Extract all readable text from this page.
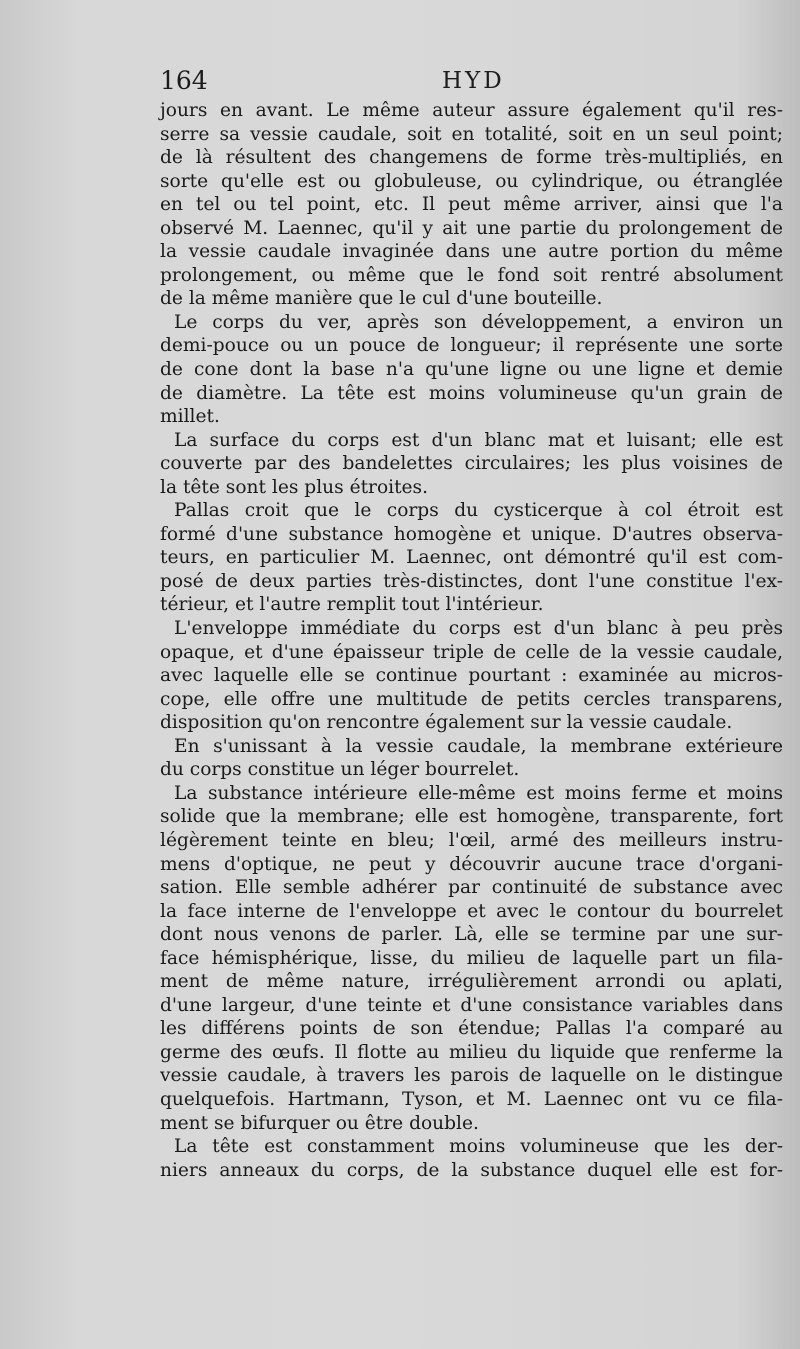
164	HYD
jours en avant. Le même auteur assure également qu'il res-
serre sa vessie caudale, soit en totalité, soit en un seul point;
de là résultent des changemens de forme très-multipliés, en
sorte qu'elle est ou globuleuse, ou cylindrique, ou étranglée
en tel ou tel point, etc. Il peut même arriver, ainsi que l'a
observé M. Laennec, qu'il y ait une partie du prolongement de
la vessie caudale invaginée dans une autre portion du même
prolongement, ou même que le fond soit rentré absolument
de la même manière que le cul d'une bouteille.
Le corps du ver, après son développement, a environ un
demi-pouce ou un pouce de longueur; il représente une sorte
de cone dont la base n'a qu'une ligne ou une ligne et demie
de diamètre. La tête est moins volumineuse qu'un grain de
millet.
La surface du corps est d'un blanc mat et luisant; elle est
couverte par des bandelettes circulaires; les plus voisines de
la tête sont les plus étroites.
Pallas croit que le corps du cysticerque à col étroit est
formé d'une substance homogène et unique. D'autres observa-
teurs, en particulier M. Laennec, ont démontré qu'il est com-
posé de deux parties très-distinctes, dont l'une constitue l'ex-
térieur, et l'autre remplit tout l'intérieur.
L'enveloppe immédiate du corps est d'un blanc à peu près
opaque, et d'une épaisseur triple de celle de la vessie caudale,
avec laquelle elle se continue pourtant : examinée au micros-
cope, elle offre une multitude de petits cercles transparens,
disposition qu'on rencontre également sur la vessie caudale.
En s'unissant à la vessie caudale, la membrane extérieure
du corps constitue un léger bourrelet.
La substance intérieure elle-même est moins ferme et moins
solide que la membrane; elle est homogène, transparente, fort
légèrement teinte en bleu; l'œil, armé des meilleurs instru-
mens d'optique, ne peut y découvrir aucune trace d'organi-
sation. Elle semble adhérer par continuité de substance avec
la face interne de l'enveloppe et avec le contour du bourrelet
dont nous venons de parler. Là, elle se termine par une sur-
face hémisphérique, lisse, du milieu de laquelle part un fila-
ment de même nature, irrégulièrement arrondi ou aplati,
d'une largeur, d'une teinte et d'une consistance variables dans
les différens points de son étendue; Pallas l'a comparé au
germe des œufs. Il flotte au milieu du liquide que renferme la
vessie caudale, à travers les parois de laquelle on le distingue
quelquefois. Hartmann, Tyson, et M. Laennec ont vu ce fila-
ment se bifurquer ou être double.
La tête est constamment moins volumineuse que les der-
niers anneaux du corps, de la substance duquel elle est for-
